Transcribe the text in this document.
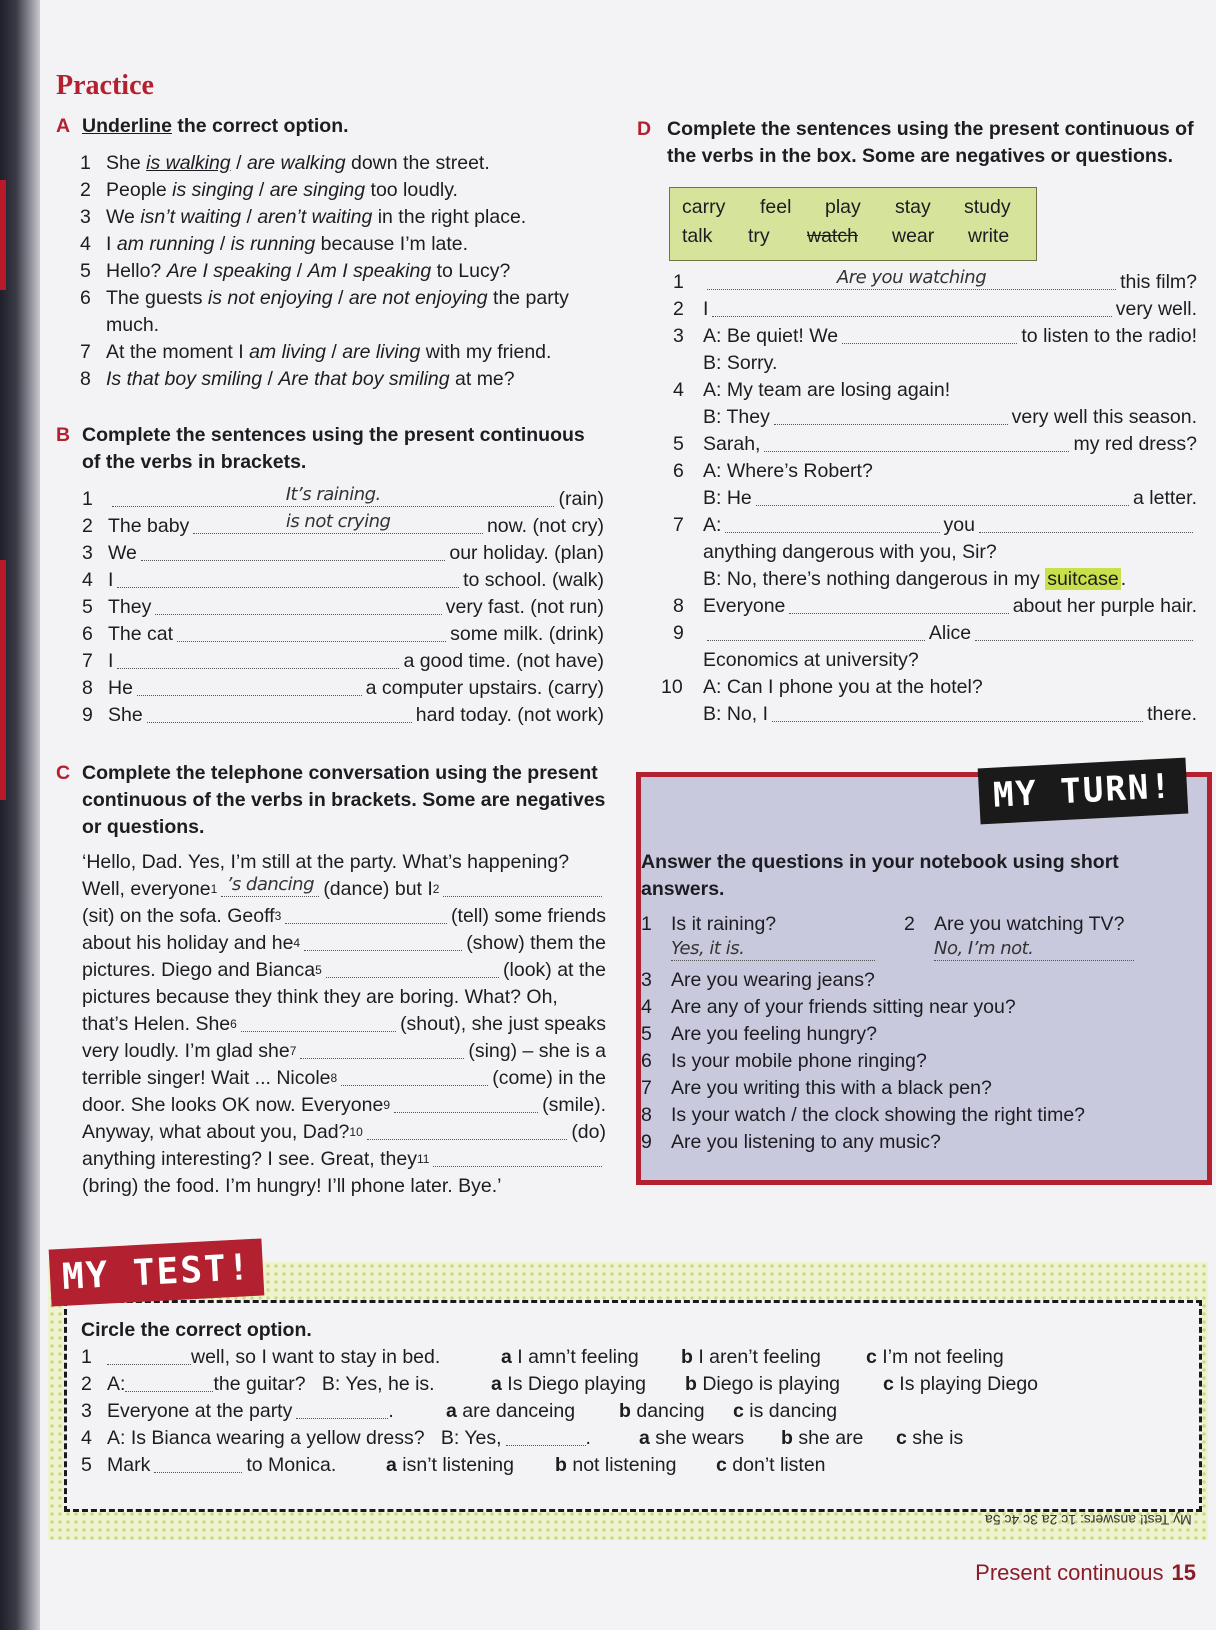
Practice
A Underline the correct option.
1 She is walking / are walking down the street.
2 People is singing / are singing too loudly.
3 We isn’t waiting / aren’t waiting in the right place.
4 I am running / is running because I’m late.
5 Hello? Are I speaking / Am I speaking to Lucy?
6 The guests is not enjoying / are not enjoying the party
much.
7 At the moment I am living / are living with my friend.
8 Is that boy smiling / Are that boy smiling at me?
B Complete the sentences using the present continuous
of the verbs in brackets.
1	It’s raining.	(rain)
2 The baby	is not crying	now. (not cry)
3 We	our holiday. (plan)
4 I	to school. (walk)
5 They	very fast. (not run)
6 The cat	some milk. (drink)
7 I	a good time. (not have)
8 He	a computer upstairs. (carry)
9 She	hard today. (not work)
C Complete the telephone conversation using the present
continuous of the verbs in brackets. Some are negatives
or questions.
‘Hello, Dad. Yes, I’m still at the party. What’s happening?
Well, everyone 1 ’s dancing (dance) but I 2
(sit) on the sofa. Geoff 3	(tell) some friends
about his holiday and he 4	(show) them the
pictures. Diego and Bianca 5	(look) at the
pictures because they think they are boring. What? Oh,
that’s Helen. She 6	(shout), she just speaks
very loudly. I’m glad she 7	(sing) – she is a
terrible singer! Wait ... Nicole 8	(come) in the
door. She looks OK now. Everyone 9	(smile).
Anyway, what about you, Dad? 10	(do)
anything interesting? I see. Great, they 11
(bring) the food. I’m hungry! I’ll phone later. Bye.’
D Complete the sentences using the present continuous of
the verbs in the box. Some are negatives or questions.
carry feel play stay study
talk try watch wear write
1	Are you watching	this film?
2 I	very well.
3 A: Be quiet! We	to listen to the radio!
B: Sorry.
4 A: My team are losing again!
B: They	very well this season.
5 Sarah,	my red dress?
6 A: Where’s Robert?
B: He	a letter.
7 A:	you
anything dangerous with you, Sir?
B: No, there’s nothing dangerous in my suitcase .
8 Everyone	about her purple hair.
9	Alice
Economics at university?
10 A: Can I phone you at the hotel?
B: No, I	there.
MY TURN!
Answer the questions in your notebook using short
answers.
1 Is it raining?
Yes, it is.
2 Are you watching TV?
No, I’m not.
3 Are you wearing jeans?
4 Are any of your friends sitting near you?
5 Are you feeling hungry?
6 Is your mobile phone ringing?
7 Are you writing this with a black pen?
8 Is your watch / the clock showing the right time?
9 Are you listening to any music?
Circle the correct option.
1	well, so I want to stay in bed.	a I amn’t feeling b I aren’t feeling c I’m not feeling
2 A:	the guitar?   B: Yes, he is.	a Is Diego playing b Diego is playing c Is playing Diego
3 Everyone at the party	.	a are danceing b dancing c is dancing
4 A: Is Bianca wearing a yellow dress?   B: Yes,	. a she wears b she are c she is
5 Mark	to Monica.	a isn’t listening b not listening c don’t listen
MY TEST!
My Test! answers: 1c 2a 3c 4c 5a
Present continuous 15
